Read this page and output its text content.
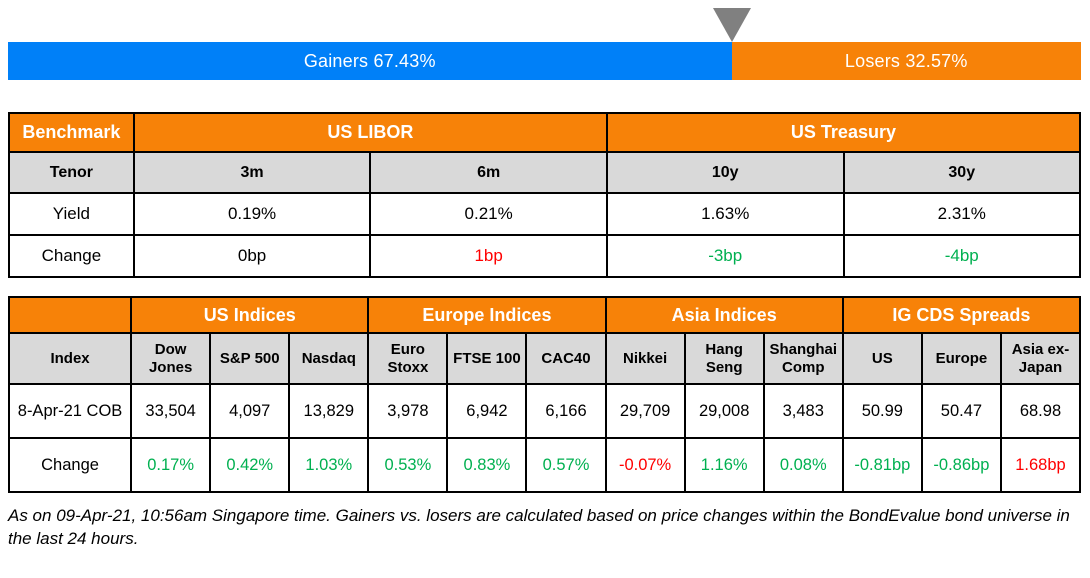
Gainers 67.43%	Losers 32.57%
Benchmark	US LIBOR		US Treasury	
Tenor	3m	6m	10y	30y
Yield	0.19%	0.21%	1.63%	2.31%
Change	0bp	1bp	-3bp	-4bp
	US Indices			Europe Indices			Asia Indices			IG CDS Spreads		
Index	Dow Jones	S&P 500	Nasdaq	Euro Stoxx	FTSE 100	CAC40	Nikkei	Hang Seng	Shanghai Comp	US	Europe	Asia ex-Japan
8-Apr-21 COB	33,504	4,097	13,829	3,978	6,942	6,166	29,709	29,008	3,483	50.99	50.47	68.98
Change	0.17%	0.42%	1.03%	0.53%	0.83%	0.57%	-0.07%	1.16%	0.08%	-0.81bp	-0.86bp	1.68bp

As on 09-Apr-21, 10:56am Singapore time. Gainers vs. losers are calculated based on price changes within the BondEvalue bond universe in the last 24 hours.
